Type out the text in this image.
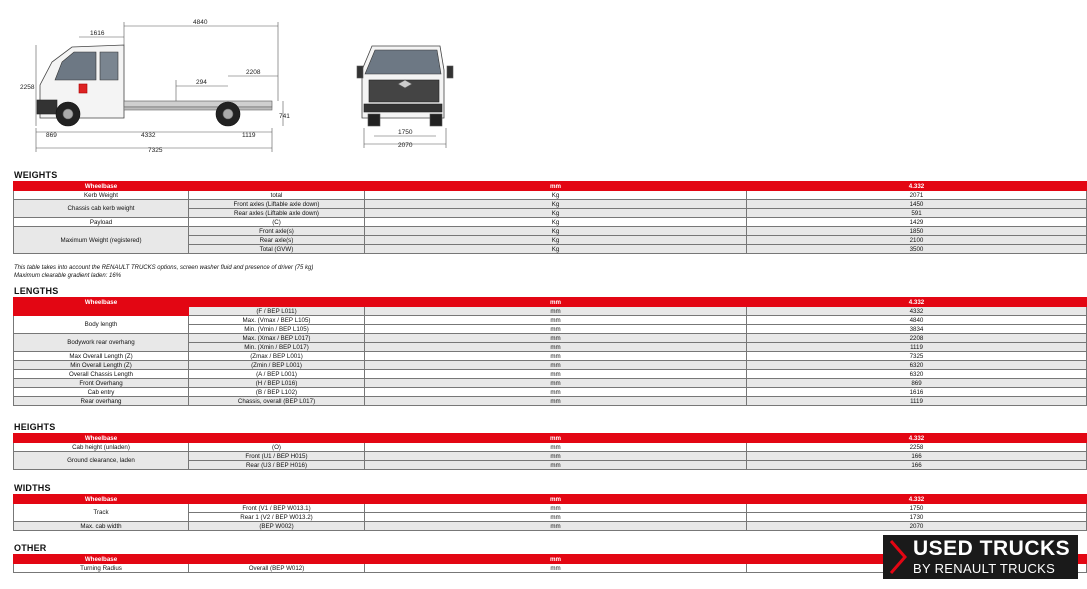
1616
4840
294
2208
2258
741
869	4332	1119
7325
1750
2070
WEIGHTS
Wheelbase		mm	4.332
Kerb Weight	total	Kg	2071
Chassis cab kerb weight	Front axles (Liftable axle down)	Kg	1450
	Rear axles (Liftable axle down)	Kg	591
Payload	(C)	Kg	1429
Maximum Weight (registered)	Front axle(s)	Kg	1850
	Rear axle(s)	Kg	2100
	Total (GVW)	Kg	3500
This table takes into account the RENAULT TRUCKS options, screen washer fluid and presence of driver (75 kg)
Maximum clearable gradient laden: 16%
LENGTHS
Wheelbase		mm	4.332
	(F / BEP L011)	mm	4332
Body length	Max. (Vmax / BEP L105)	mm	4840
	Min. (Vmin / BEP L105)	mm	3834
Bodywork rear overhang	Max. (Xmax / BEP L017)	mm	2208
	Min. (Xmin / BEP L017)	mm	1119
Max Overall Length (Z)	(Zmax / BEP L001)	mm	7325
Min Overall Length (Z)	(Zmin / BEP L001)	mm	6320
Overall Chassis Length	(A / BEP L001)	mm	6320
Front Overhang	(H / BEP L016)	mm	869
Cab entry	(B / BEP L102)	mm	1616
Rear overhang	Chassis, overall (BEP L017)	mm	1119
HEIGHTS
Wheelbase		mm	4.332
Cab height (unladen)	(O)	mm	2258
Ground clearance, laden	Front (U1 / BEP H015)	mm	166
	Rear (U3 / BEP H016)	mm	166
WIDTHS
Wheelbase		mm	4.332
Track	Front (V1 / BEP W013.1)	mm	1750
	Rear 1 (V2 / BEP W013.2)	mm	1730
Max. cab width	(BEP W002)	mm	2070
OTHER
Wheelbase		mm	
Turning Radius	Overall (BEP W012)	mm	
USED TRUCKS
BY RENAULT TRUCKS
